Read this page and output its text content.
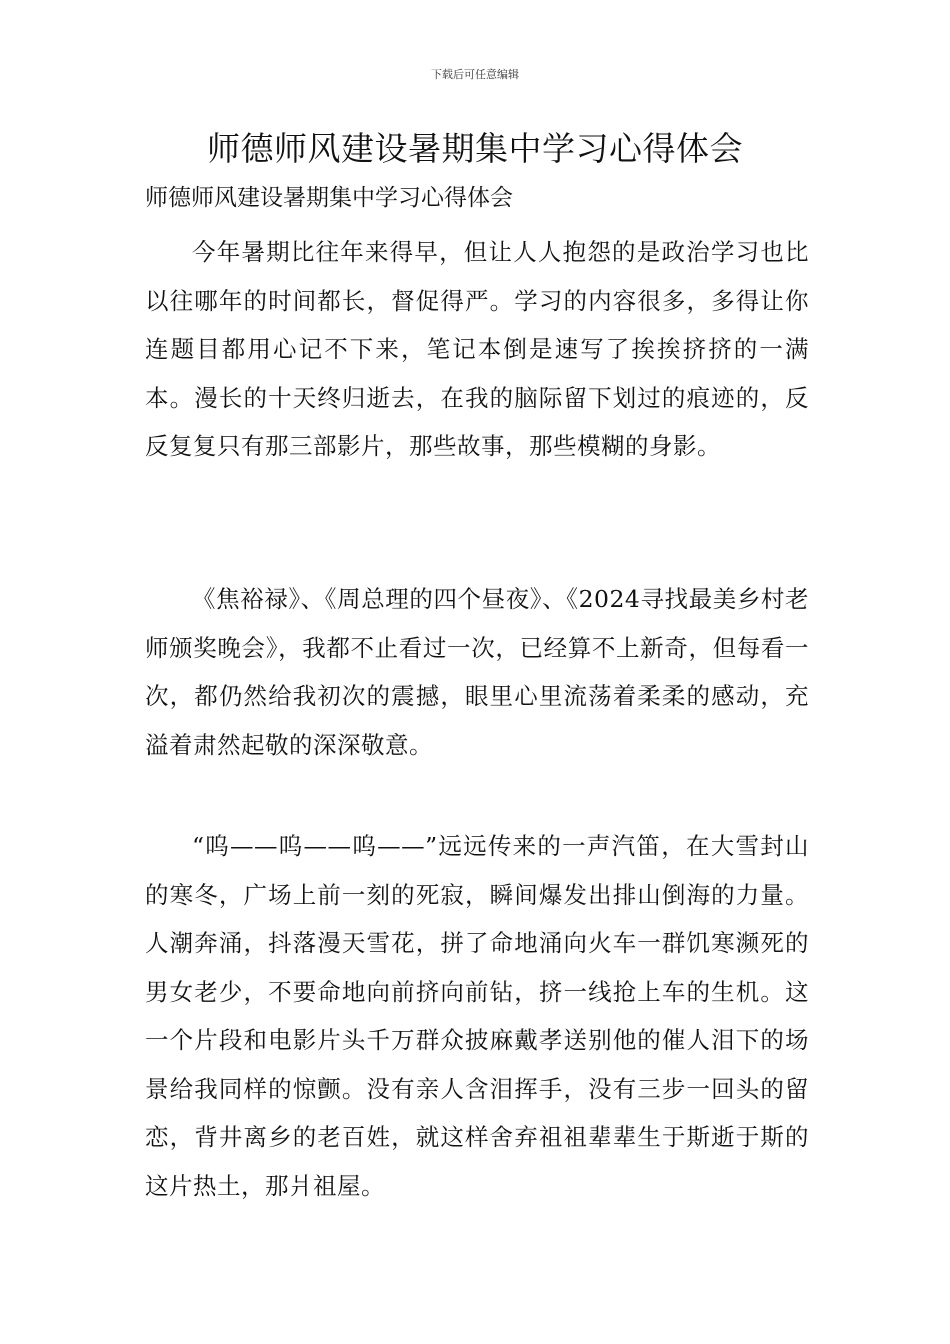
下载后可任意编辑
师德师风建设暑期集中学习心得体会

师德师风建设暑期集中学习心得体会

今年暑期比往年来得早，但让人人抱怨的是政治学习也比以往哪年的时间都长，督促得严。学习的内容很多，多得让你连题目都用心记不下来，笔记本倒是速写了挨挨挤挤的一满本。漫长的十天终归逝去，在我的脑际留下划过的痕迹的，反反复复只有那三部影片，那些故事，那些模糊的身影。

《焦裕禄》、《周总理的四个昼夜》、《2024寻找最美乡村老师颁奖晚会》，我都不止看过一次，已经算不上新奇，但每看一次，都仍然给我初次的震撼，眼里心里流荡着柔柔的感动，充溢着肃然起敬的深深敬意。

“呜——呜——呜——”远远传来的一声汽笛，在大雪封山的寒冬，广场上前一刻的死寂，瞬间爆发出排山倒海的力量。人潮奔涌，抖落漫天雪花，拼了命地涌向火车一群饥寒濒死的男女老少，不要命地向前挤向前钻，挤一线抢上车的生机。这一个片段和电影片头千万群众披麻戴孝送别他的催人泪下的场景给我同样的惊颤。没有亲人含泪挥手，没有三步一回头的留恋，背井离乡的老百姓，就这样舍弃祖祖辈辈生于斯逝于斯的这片热土，那爿祖屋。
